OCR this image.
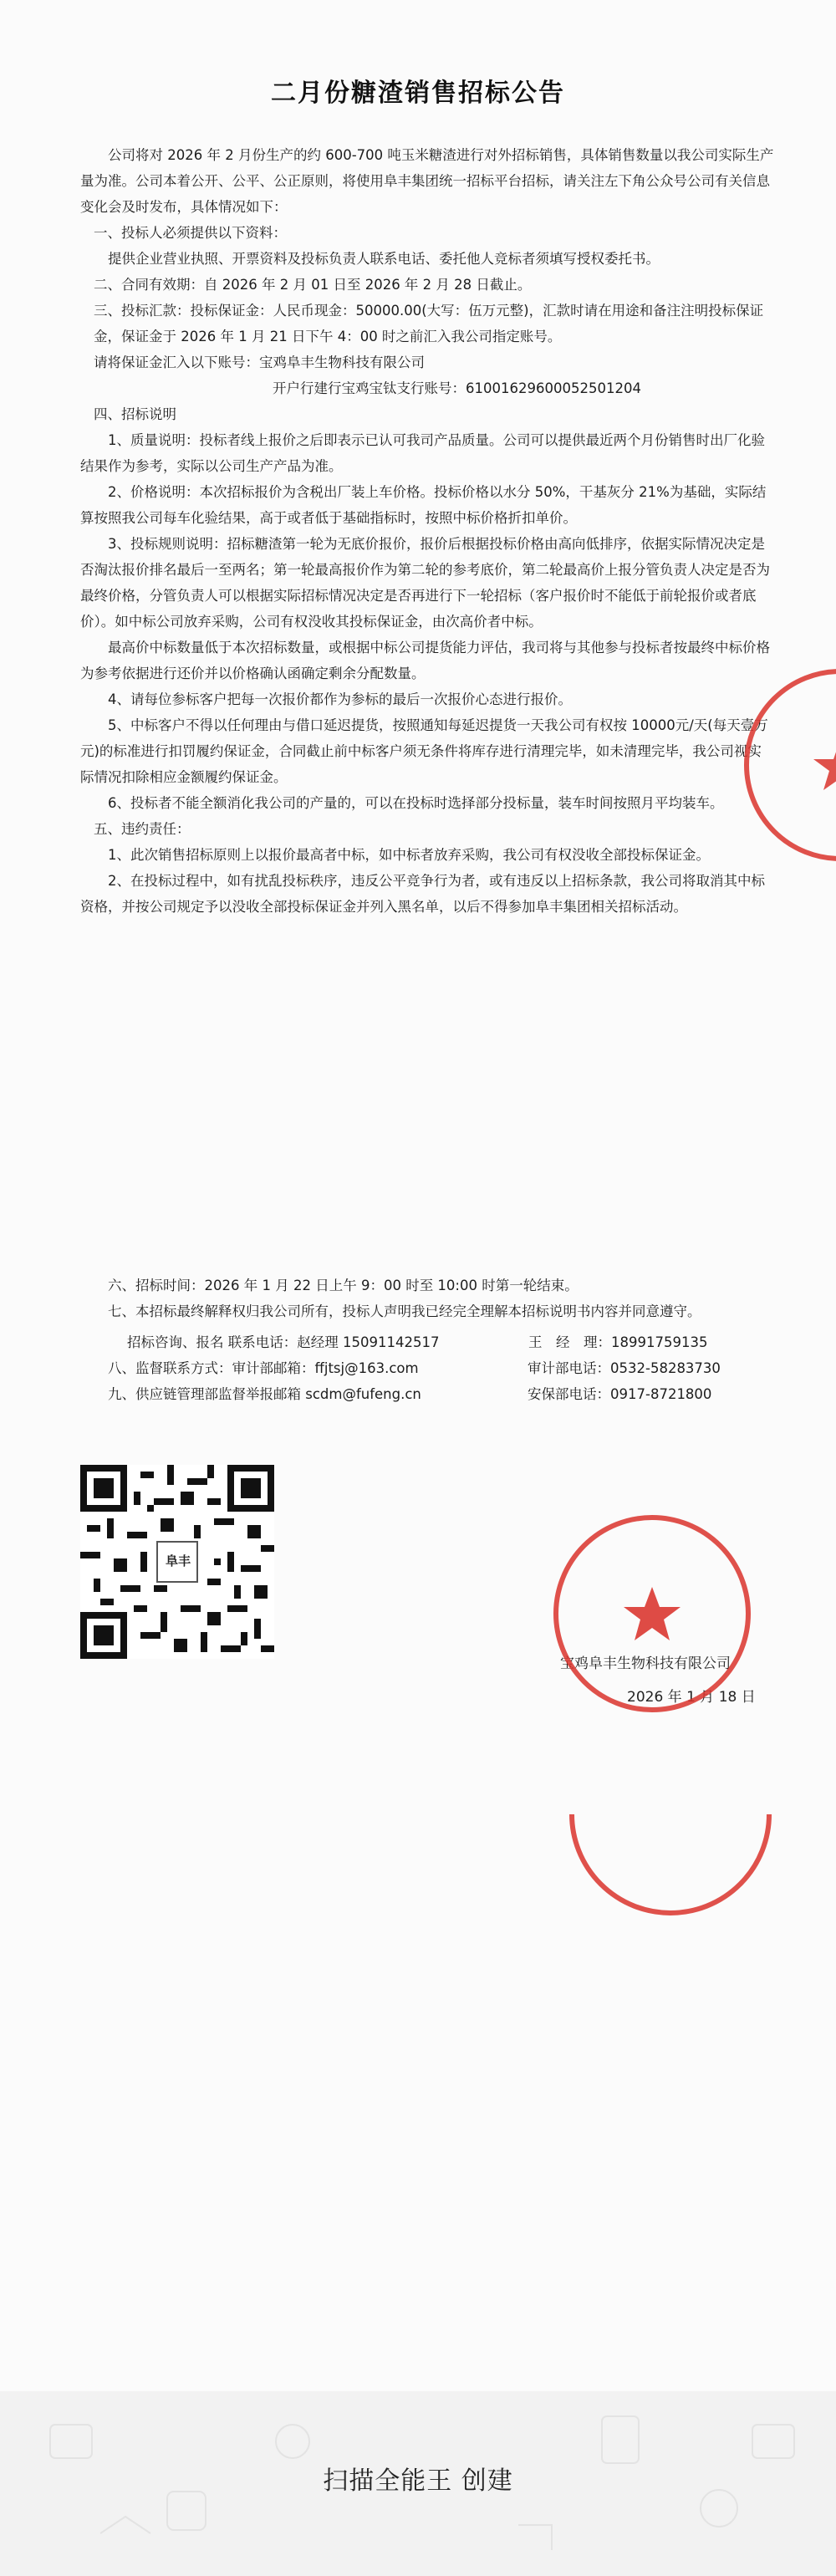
二月份糖渣销售招标公告

公司将对 2026 年 2 月份生产的约 600-700 吨玉米糖渣进行对外招标销售，具体销售数量以我公司实际生产量为准。公司本着公开、公平、公正原则，将使用阜丰集团统一招标平台招标，请关注左下角公众号公司有关信息变化会及时发布，具体情况如下：

一、投标人必须提供以下资料：

提供企业营业执照、开票资料及投标负责人联系电话、委托他人竞标者须填写授权委托书。

二、合同有效期：自 2026 年 2 月 01 日至 2026 年 2 月 28 日截止。

三、投标汇款：投标保证金：人民币现金：50000.00(大写：伍万元整)，汇款时请在用途和备注注明投标保证金，保证金于 2026 年 1 月 21 日下午 4：00 时之前汇入我公司指定账号。

请将保证金汇入以下账号：宝鸡阜丰生物科技有限公司

开户行建行宝鸡宝钛支行账号：61001629600052501204

四、招标说明

1、质量说明：投标者线上报价之后即表示已认可我司产品质量。公司可以提供最近两个月份销售时出厂化验结果作为参考，实际以公司生产产品为准。

2、价格说明：本次招标报价为含税出厂装上车价格。投标价格以水分 50%，干基灰分 21%为基础，实际结算按照我公司每车化验结果，高于或者低于基础指标时，按照中标价格折扣单价。

3、投标规则说明：招标糖渣第一轮为无底价报价，报价后根据投标价格由高向低排序，依据实际情况决定是否淘汰报价排名最后一至两名；第一轮最高报价作为第二轮的参考底价，第二轮最高价上报分管负责人决定是否为最终价格，分管负责人可以根据实际招标情况决定是否再进行下一轮招标（客户报价时不能低于前轮报价或者底价）。如中标公司放弃采购，公司有权没收其投标保证金，由次高价者中标。

最高价中标数量低于本次招标数量，或根据中标公司提货能力评估，我司将与其他参与投标者按最终中标价格为参考依据进行还价并以价格确认函确定剩余分配数量。

4、请每位参标客户把每一次报价都作为参标的最后一次报价心态进行报价。

5、中标客户不得以任何理由与借口延迟提货，按照通知每延迟提货一天我公司有权按 10000元/天(每天壹万元)的标准进行扣罚履约保证金，合同截止前中标客户须无条件将库存进行清理完毕，如未清理完毕，我公司视实际情况扣除相应金额履约保证金。

6、投标者不能全额消化我公司的产量的，可以在投标时选择部分投标量，装车时间按照月平均装车。

五、违约责任：

1、此次销售招标原则上以报价最高者中标，如中标者放弃采购，我公司有权没收全部投标保证金。

2、在投标过程中，如有扰乱投标秩序，违反公平竞争行为者，或有违反以上招标条款，我公司将取消其中标资格，并按公司规定予以没收全部投标保证金并列入黑名单，以后不得参加阜丰集团相关招标活动。

六、招标时间：2026 年 1 月 22 日上午 9：00 时至 10:00 时第一轮结束。

七、本招标最终解释权归我公司所有，投标人声明我已经完全理解本招标说明书内容并同意遵守。

招标咨询、报名 联系电话：赵经理 15091142517	王　经　理：18991759135
八、监督联系方式：审计部邮箱：ffjtsj@163.com	审计部电话：0532-58283730
九、供应链管理部监督举报邮箱 scdm@fufeng.cn	安保部电话：0917-8721800
阜丰
宝鸡阜丰生物科技有限公司
2026 年 1 月 18 日
扫描全能王 创建
